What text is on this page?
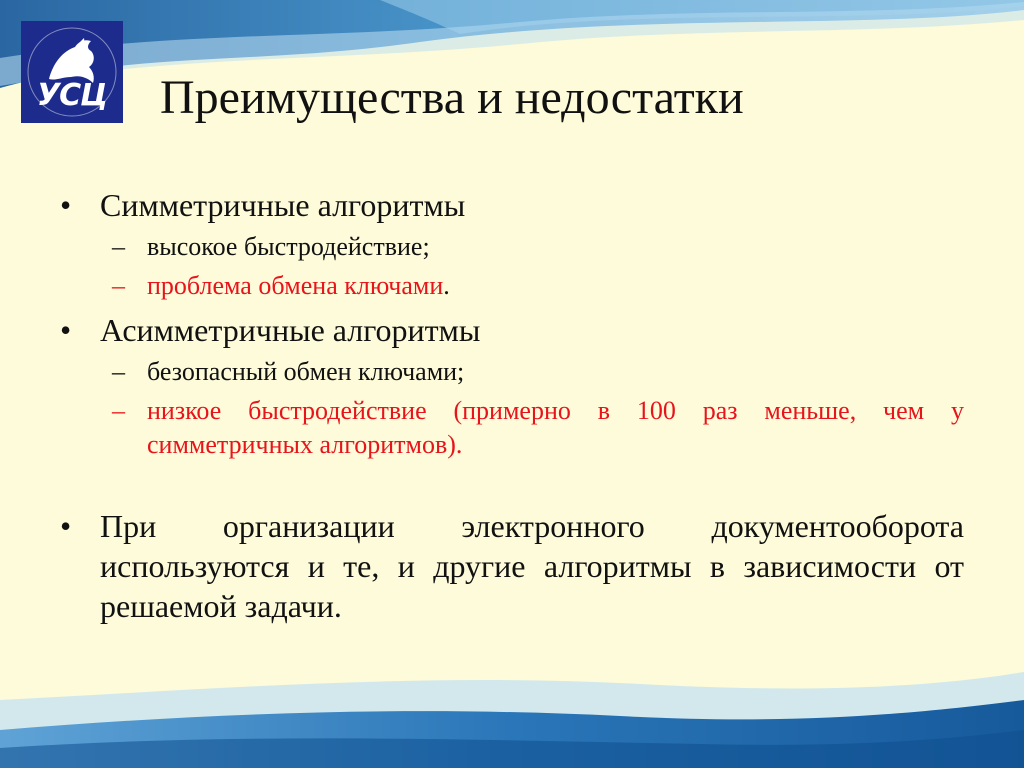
УСЦ Преимущества и недостатки
• Симметричные алгоритмы
– высокое быстродействие;
– проблема обмена ключами.
• Асимметричные алгоритмы
– безопасный обмен ключами;
– низкое быстродействие (примерно в 100 раз меньше, чем у симметричных алгоритмов).
• При организации электронного документооборота используются и те, и другие алгоритмы в зависимости от решаемой задачи.
